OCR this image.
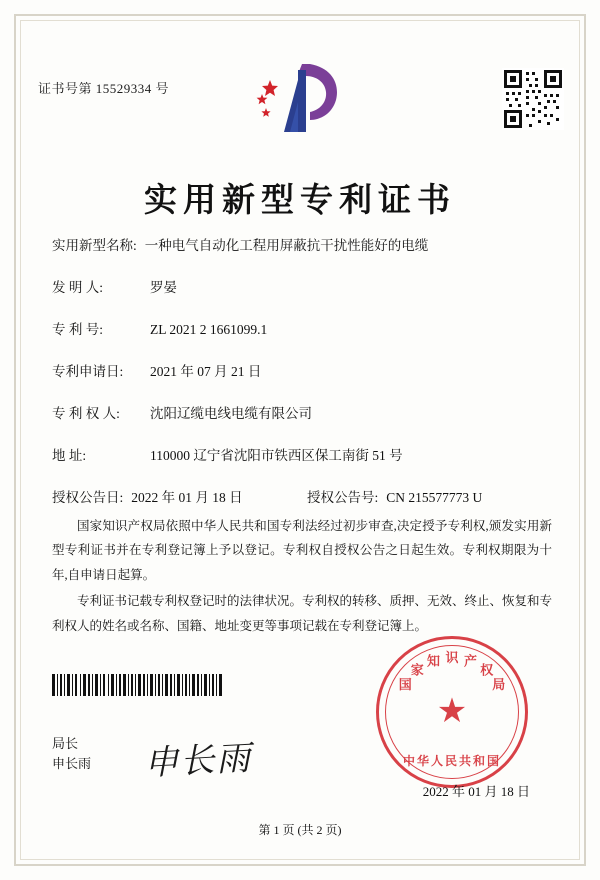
证书号第 15529334 号
实用新型专利证书
实用新型名称: 一种电气自动化工程用屏蔽抗干扰性能好的电缆
发 明 人:	罗晏
专 利 号:	ZL 2021 2 1661099.1
专利申请日:	2021 年 07 月 21 日
专 利 权 人:	沈阳辽缆电线电缆有限公司
地 址:	110000 辽宁省沈阳市铁西区保工南街 51 号
授权公告日: 2022 年 01 月 18 日	授权公告号: CN 215577773 U

国家知识产权局依照中华人民共和国专利法经过初步审查,决定授予专利权,颁发实用新型专利证书并在专利登记簿上予以登记。专利权自授权公告之日起生效。专利权期限为十年,自申请日起算。

专利证书记载专利权登记时的法律状况。专利权的转移、质押、无效、终止、恢复和专利权人的姓名或名称、国籍、地址变更等事项记载在专利登记簿上。

局长
申长雨 申长雨
★
国
家
知 识 产
权
局
中华人民共和国
2022 年 01 月 18 日
第 1 页 (共 2 页)
